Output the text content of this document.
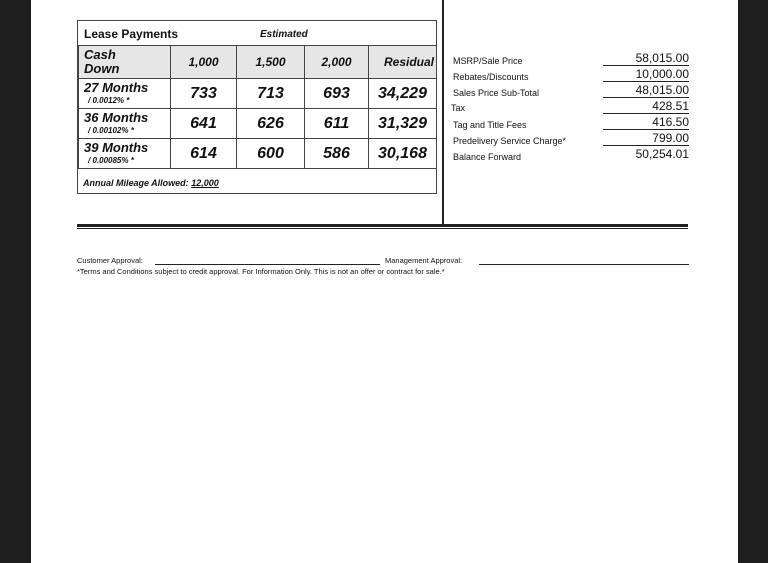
Lease Payments	Estimated
Cash
Down	1,000	1,500	2,000	Residual
27 Months
/ 0.0012% *	733	713	693	34,229
36 Months
/ 0.00102% *	641	626	611	31,329
39 Months
/ 0.00085% *	614	600	586	30,168
Annual Mileage Allowed: 12,000
MSRP/Sale Price	58,015.00
Rebates/Discounts	10,000.00
Sales Price Sub-Total	48,015.00
Tax	428.51
Tag and Title Fees	416.50
Predelivery Service Charge*	799.00
Balance Forward	50,254.01
Customer Approval:	Management Approval:
*Terms and Conditions subject to credit approval. For Information Only. This is not an offer or contract for sale.*
